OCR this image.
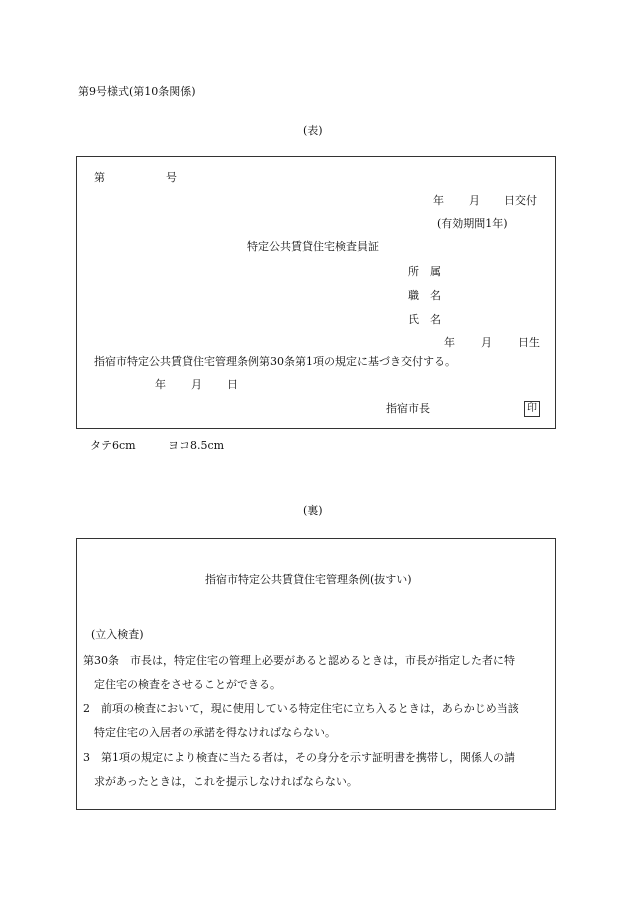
第9号様式(第10条関係)
(表)
第	号
年 月 日交付
(有効期間1年)
特定公共賃貸住宅検査員証
所 属
職 名
氏 名
年 月 日生
指宿市特定公共賃貸住宅管理条例第30条第1項の規定に基づき交付する。
年 月 日
指宿市長	印
タテ6cm	ヨコ8.5cm
(裏)
指宿市特定公共賃貸住宅管理条例(抜すい)
(立入検査)
第30条　市長は，特定住宅の管理上必要があると認めるときは，市長が指定した者に特
定住宅の検査をさせることができる。
2　前項の検査において，現に使用している特定住宅に立ち入るときは，あらかじめ当該
特定住宅の入居者の承諾を得なければならない。
3　第1項の規定により検査に当たる者は，その身分を示す証明書を携帯し，関係人の請
求があったときは，これを提示しなければならない。
